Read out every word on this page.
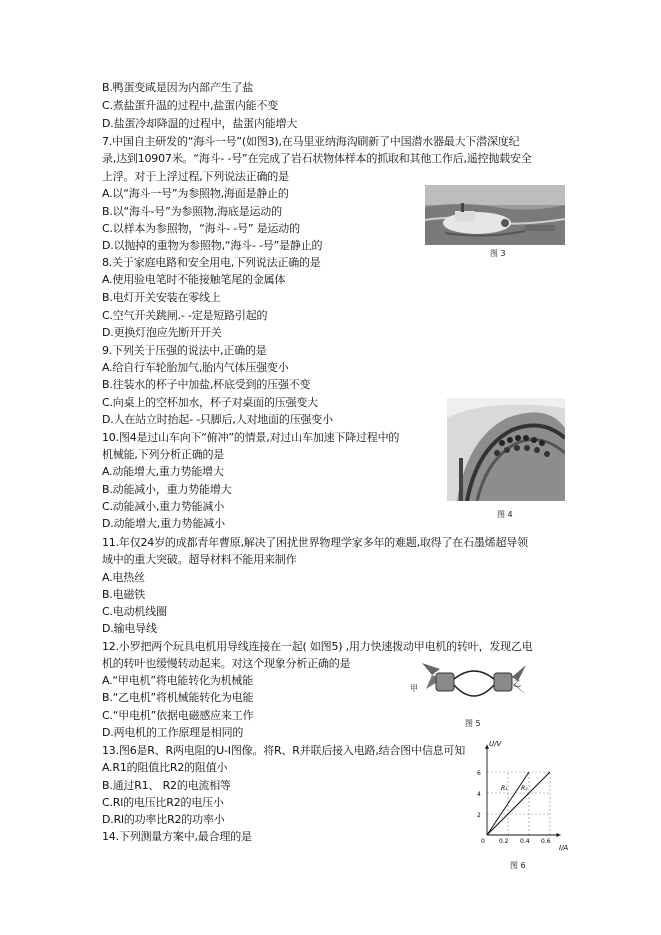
B.鸭蛋变咸是因为内部产生了盐
C.煮盐蛋升温的过程中,盐蛋内能不变
D.盐蛋冷却降温的过程中，盐蛋内能增大
7.中国自主研发的“海斗一号”(如图3),在马里亚纳海沟刷新了中国潜水器最大下潜深度纪
录,达到10907米。“海斗- -号”在完成了岩石状物体样本的抓取和其他工作后,遥控抛载安全
上浮。对于上浮过程,下列说法正确的是
A.以“海斗一号”为参照物,海面是静止的
B.以“海斗-号”为参照物,海底是运动的
C.以样本为参照物，“海斗- -号” 是运动的
D.以抛掉的重物为参照物,“海斗- -号”是静止的
8.关于家庭电路和安全用电,下列说法正确的是
A.使用验电笔时不能接触笔尾的金属体
B.电灯开关安装在零线上
C.空气开关跳闸.- -定是短路引起的
D.更换灯泡应先断开开关
9.下列关于压强的说法中,正确的是
A.给自行车轮胎加气,胎内气体压强变小
B.往装水的杯子中加盐,杯底受到的压强不变
C.向桌上的空杯加水，杯子对桌面的压强变大
D.人在站立时抬起- -只脚后,人对地面的压强变小
10.图4是过山车向下“俯冲”的情景,对过山车加速下降过程中的
机械能,下列分析正确的是
A.动能增大,重力势能增大
B.动能减小，重力势能增大
C.动能减小,重力势能减小
D.动能增大,重力势能减小
11.年仅24岁的成都青年曹原,解决了困扰世界物理学家多年的难题,取得了在石墨烯超导领
域中的重大突破。超导材料不能用来制作
A.电热丝
B.电磁铁
C.电动机线圈
D.输电导线
12.小罗把两个玩具电机用导线连接在一起( 如图5) ,用力快速拨动甲电机的转叶，发现乙电
机的转叶也缓慢转动起来。对这个现象分析正确的是
A.“甲电机”将电能转化为机械能
B.“乙电机”将机械能转化为电能
C.“甲电机”依据电磁感应来工作
D.两电机的工作原理是相同的
13.图6是R、R两电阻的U-I图像。将R、R并联后接入电路,结合图中信息可知
A.R1的阻值比R2的阻值小
B.通过R1、 R2的电流相等
C.Rl的电压比R2的电压小
D.Rl的功率比R2的功率小
14.下列测量方案中,最合理的是
图 3
图 4
甲
乙
图 5
U/V
I/A
R₁ R₂
2
4
6
0 0.2 0.4 0.6
图 6
